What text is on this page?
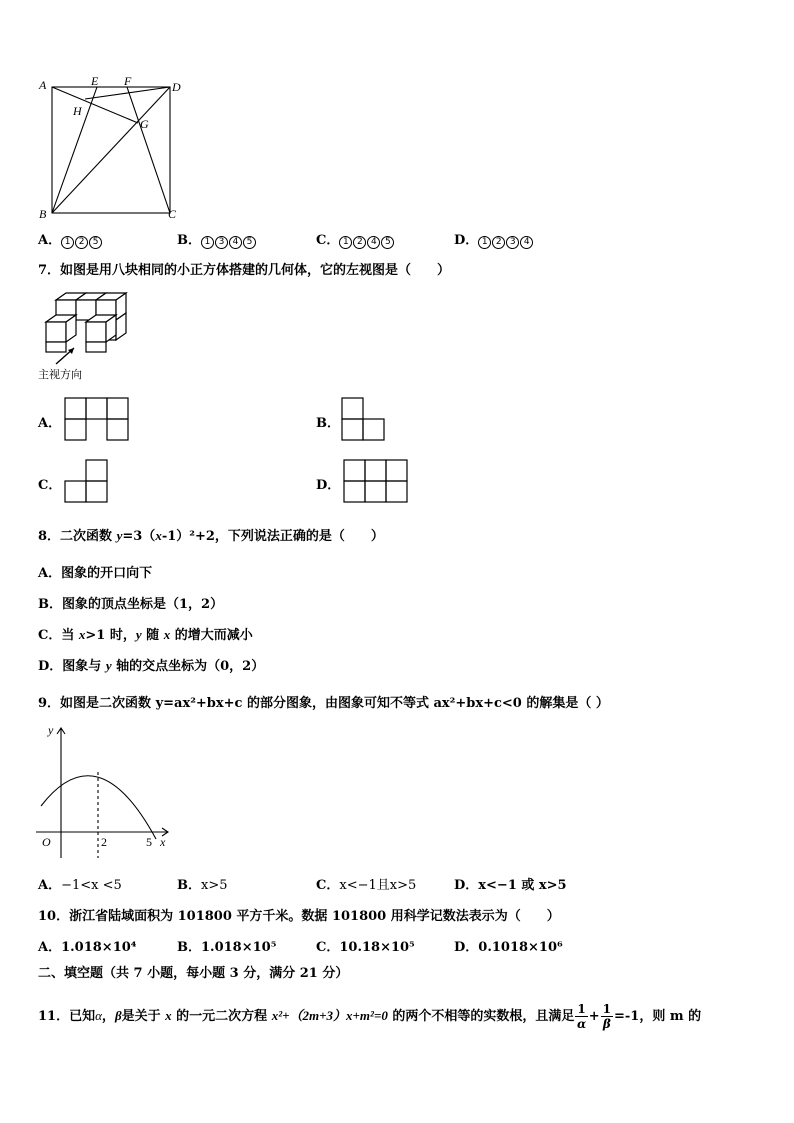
A	E F	D
H
G
B	C
A． 1 2 5	B． 1 3 4 5	C． 1 2 4 5	D． 1 2 3 4
7．如图是用八块相同的小正方体搭建的几何体，它的左视图是（　　）
主视方向
A．	B．
C．	D．
8．二次函数 y=3（x-1）²+2，下列说法正确的是（　　）
A．图象的开口向下
B．图象的顶点坐标是（1，2）
C．当 x>1 时，y 随 x 的增大而减小
D．图象与 y 轴的交点坐标为（0，2）
9．如图是二次函数 y=ax²+bx+c 的部分图象，由图象可知不等式 ax²+bx+c<0 的解集是（ ）
y
x
O	2	5
A．−1<x <5	B．x>5	C．x<−1且x>5	D．x<−1 或 x>5
10．浙江省陆域面积为 101800 平方千米。数据 101800 用科学记数法表示为（　　）
A．1.018×10⁴	B．1.018×10⁵	C．10.18×10⁵	D．0.1018×10⁶
二、填空题（共 7 小题，每小题 3 分，满分 21 分）
11．已知α，β是关于 x 的一元二次方程 x²+（2m+3）x+m²=0 的两个不相等的实数根，且满足 $\frac{1}{\alpha} + \frac{1}{\beta} =-1$，则 m 的
